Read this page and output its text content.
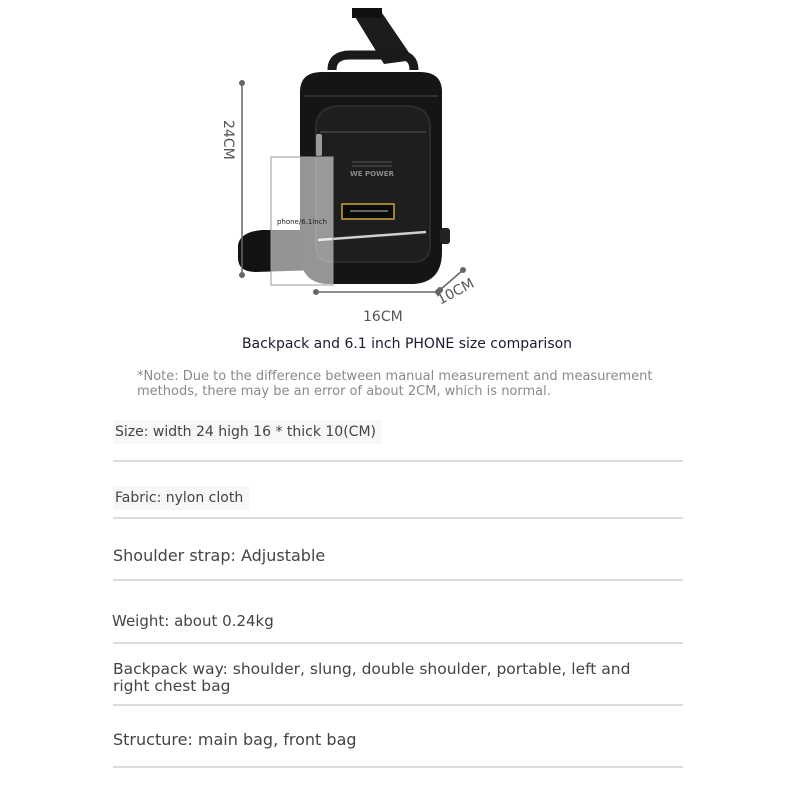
WE POWER
phone/6.1inch
24CM
16CM
10CM
Backpack and 6.1 inch PHONE size comparison
*Note: Due to the difference between manual measurement and measurement methods, there may be an error of about 2CM, which is normal.
Size: width 24 high 16 * thick 10(CM)
Fabric: nylon cloth
Shoulder strap: Adjustable
Weight: about 0.24kg
Backpack way: shoulder, slung, double shoulder, portable, left and right chest bag
Structure: main bag, front bag
